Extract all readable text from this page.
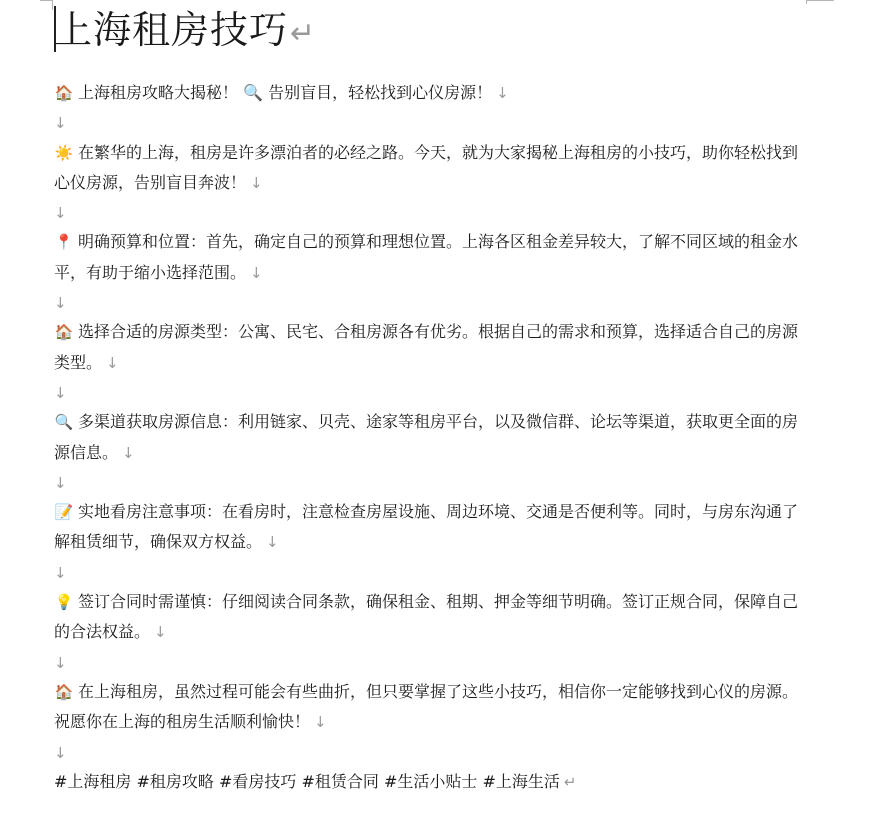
上海租房技巧↵

🏠 上海租房攻略大揭秘！ 🔍 告别盲目，轻松找到心仪房源！ ↓

↓

☀️ 在繁华的上海，租房是许多漂泊者的必经之路。今天，就为大家揭秘上海租房的小技巧，助你轻松找到心仪房源，告别盲目奔波！ ↓

↓

📍 明确预算和位置：首先，确定自己的预算和理想位置。上海各区租金差异较大，了解不同区域的租金水平，有助于缩小选择范围。 ↓

↓

🏠 选择合适的房源类型：公寓、民宅、合租房源各有优劣。根据自己的需求和预算，选择适合自己的房源类型。 ↓

↓

🔍 多渠道获取房源信息：利用链家、贝壳、途家等租房平台，以及微信群、论坛等渠道，获取更全面的房源信息。 ↓

↓

📝 实地看房注意事项：在看房时，注意检查房屋设施、周边环境、交通是否便利等。同时，与房东沟通了解租赁细节，确保双方权益。 ↓

↓

💡 签订合同时需谨慎：仔细阅读合同条款，确保租金、租期、押金等细节明确。签订正规合同，保障自己的合法权益。 ↓

↓

🏠 在上海租房，虽然过程可能会有些曲折，但只要掌握了这些小技巧，相信你一定能够找到心仪的房源。祝愿你在上海的租房生活顺利愉快！ ↓

↓

#上海租房 #租房攻略 #看房技巧 #租赁合同 #生活小贴士 #上海生活 ↵
